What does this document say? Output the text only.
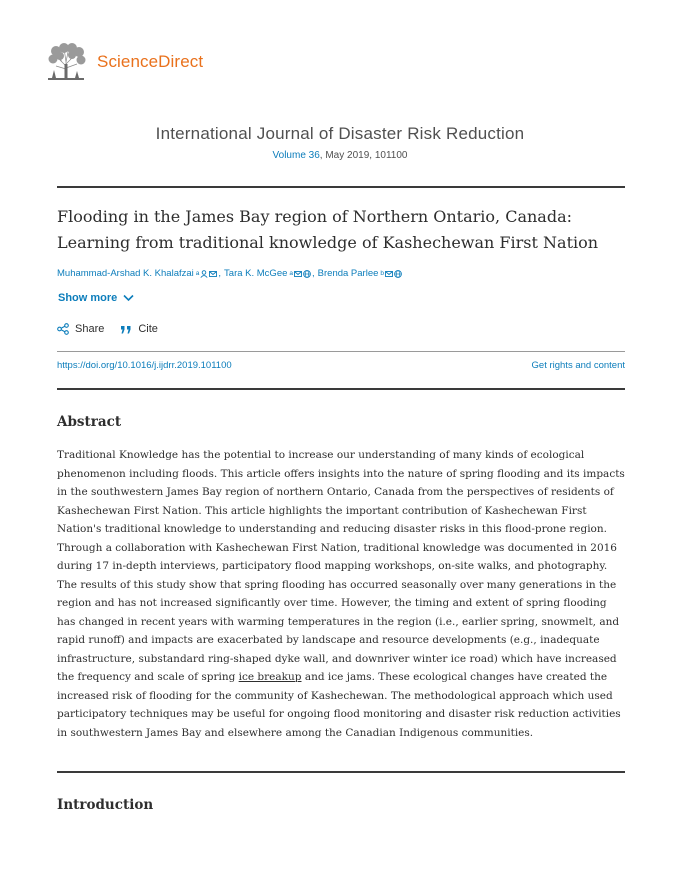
ScienceDirect
International Journal of Disaster Risk Reduction
Volume 36, May 2019, 101100
Flooding in the James Bay region of Northern Ontario, Canada:
Learning from traditional knowledge of Kashechewan First Nation
Muhammad-Arshad K. Khalafzai a , Tara K. McGee a , Brenda Parlee b
Show more
Share	Cite
https://doi.org/10.1016/j.ijdrr.2019.101100	Get rights and content
Abstract
Traditional Knowledge has the potential to increase our understanding of many kinds of ecological phenomenon including floods. This article offers insights into the nature of spring flooding and its impacts in the southwestern James Bay region of northern Ontario, Canada from the perspectives of residents of Kashechewan First Nation. This article highlights the important contribution of Kashechewan First Nation's traditional knowledge to understanding and reducing disaster risks in this flood-prone region. Through a collaboration with Kashechewan First Nation, traditional knowledge was documented in 2016 during 17 in-depth interviews, participatory flood mapping workshops, on-site walks, and photography. The results of this study show that spring flooding has occurred seasonally over many generations in the region and has not increased significantly over time. However, the timing and extent of spring flooding has changed in recent years with warming temperatures in the region (i.e., earlier spring, snowmelt, and rapid runoff) and impacts are exacerbated by landscape and resource developments (e.g., inadequate infrastructure, substandard ring-shaped dyke wall, and downriver winter ice road) which have increased the frequency and scale of spring ice breakup and ice jams. These ecological changes have created the increased risk of flooding for the community of Kashechewan. The methodological approach which used participatory techniques may be useful for ongoing flood monitoring and disaster risk reduction activities in southwestern James Bay and elsewhere among the Canadian Indigenous communities.
Introduction
